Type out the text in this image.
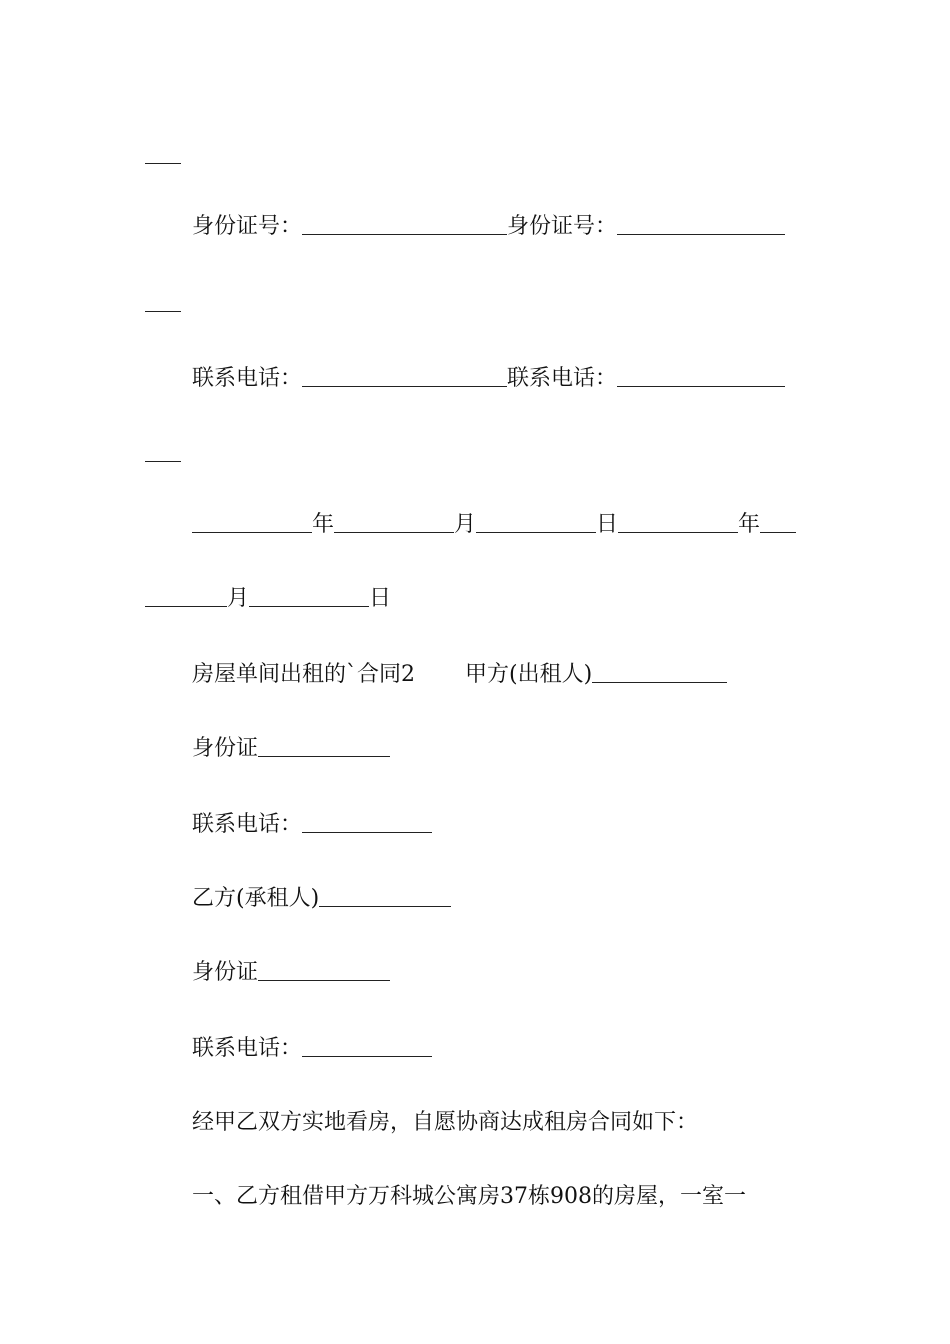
身份证号：	身份证号：
联系电话：	联系电话：
年	月	日	年
月	日
房屋单间出租的`合同2 甲方(出租人)
身份证
联系电话：
乙方(承租人)
身份证
联系电话：
经甲乙双方实地看房，自愿协商达成租房合同如下：
一、乙方租借甲方万科城公寓房37栋908的房屋，一室一
